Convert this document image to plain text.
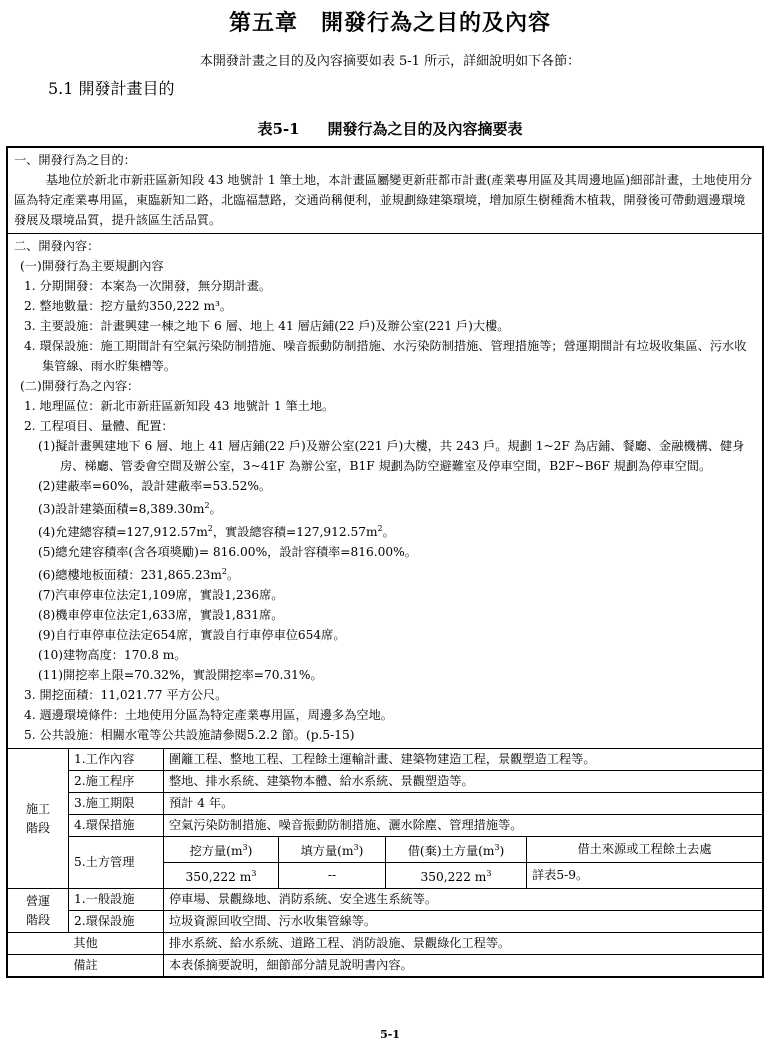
第五章　開發行為之目的及內容
本開發計畫之目的及內容摘要如表 5-1 所示，詳細說明如下各節：
5.1 開發計畫目的
表5-1 開發行為之目的及內容摘要表
一、開發行為之目的：
基地位於新北市新莊區新知段 43 地號計 1 筆土地，本計畫區屬變更新莊都市計畫(產業專用區及其周邊地區)細部計畫，土地使用分區為特定產業專用區，東臨新知二路，北臨福慧路，交通尚稱便利，並規劃綠建築環境，增加原生樹種喬木植栽，開發後可帶動週邊環境發展及環境品質，提升該區生活品質。
二、開發內容：
(一)開發行為主要規劃內容
1. 分期開發：本案為一次開發，無分期計畫。
2. 整地數量：挖方量約350,222 m³。
3. 主要設施：計畫興建一棟之地下 6 層、地上 41 層店鋪(22 戶)及辦公室(221 戶)大樓。
4. 環保設施：施工期間計有空氣污染防制措施、噪音振動防制措施、水污染防制措施、管理措施等；營運期間計有垃圾收集區、污水收集管線、雨水貯集槽等。
(二)開發行為之內容：
1. 地理區位：新北市新莊區新知段 43 地號計 1 筆土地。
2. 工程項目、量體、配置：
(1)擬計畫興建地下 6 層、地上 41 層店鋪(22 戶)及辦公室(221 戶)大樓，共 243 戶。規劃 1~2F 為店鋪、餐廳、金融機構、健身房、梯廳、管委會空間及辦公室，3~41F 為辦公室，B1F 規劃為防空避難室及停車空間，B2F~B6F 規劃為停車空間。
(2)建蔽率=60%，設計建蔽率=53.52%。
(3)設計建築面積$=8,389.30m^2$。
(4)允建總容積$=127,912.57m^2$，實設總容積$=127,912.57m^2$。
(5)總允建容積率(含各項獎勵)= 816.00%，設計容積率=816.00%。
(6)總樓地板面積：$231,865.23m^2$。
(7)汽車停車位法定1,109席，實設1,236席。
(8)機車停車位法定1,633席，實設1,831席。
(9)自行車停車位法定654席，實設自行車停車位654席。
(10)建物高度：170.8 m。
(11)開挖率上限=70.32%，實設開挖率=70.31%。
3. 開挖面積：11,021.77 平方公尺。
4. 週邊環境條件：土地使用分區為特定產業專用區，周邊多為空地。
5. 公共設施：相關水電等公共設施請參閱5.2.2 節。(p.5-15)
施工
階段	1.工作內容	圍籬工程、整地工程、工程餘土運輸計畫、建築物建造工程，景觀塑造工程等。			
	2.施工程序	整地、排水系統、建築物本體、給水系統、景觀塑造等。			
	3.施工期限	預計 4 年。			
	4.環保措施	空氣污染防制措施、噪音振動防制措施、灑水除塵、管理措施等。			
	5.土方管理	挖方量$(m^3)$	填方量$(m^3)$	借(棄)土方量$(m^3)$	借土來源或工程餘土去處
		350,222 $m^3$	--	350,222 $m^3$	詳表5-9。
營運
階段	1.一般設施	停車場、景觀綠地、消防系統、安全逃生系統等。			
	2.環保設施	垃圾資源回收空間、污水收集管線等。			
其他		排水系統、給水系統、道路工程、消防設施、景觀綠化工程等。			
備註		本表係摘要說明，細節部分請見說明書內容。			
5-1
